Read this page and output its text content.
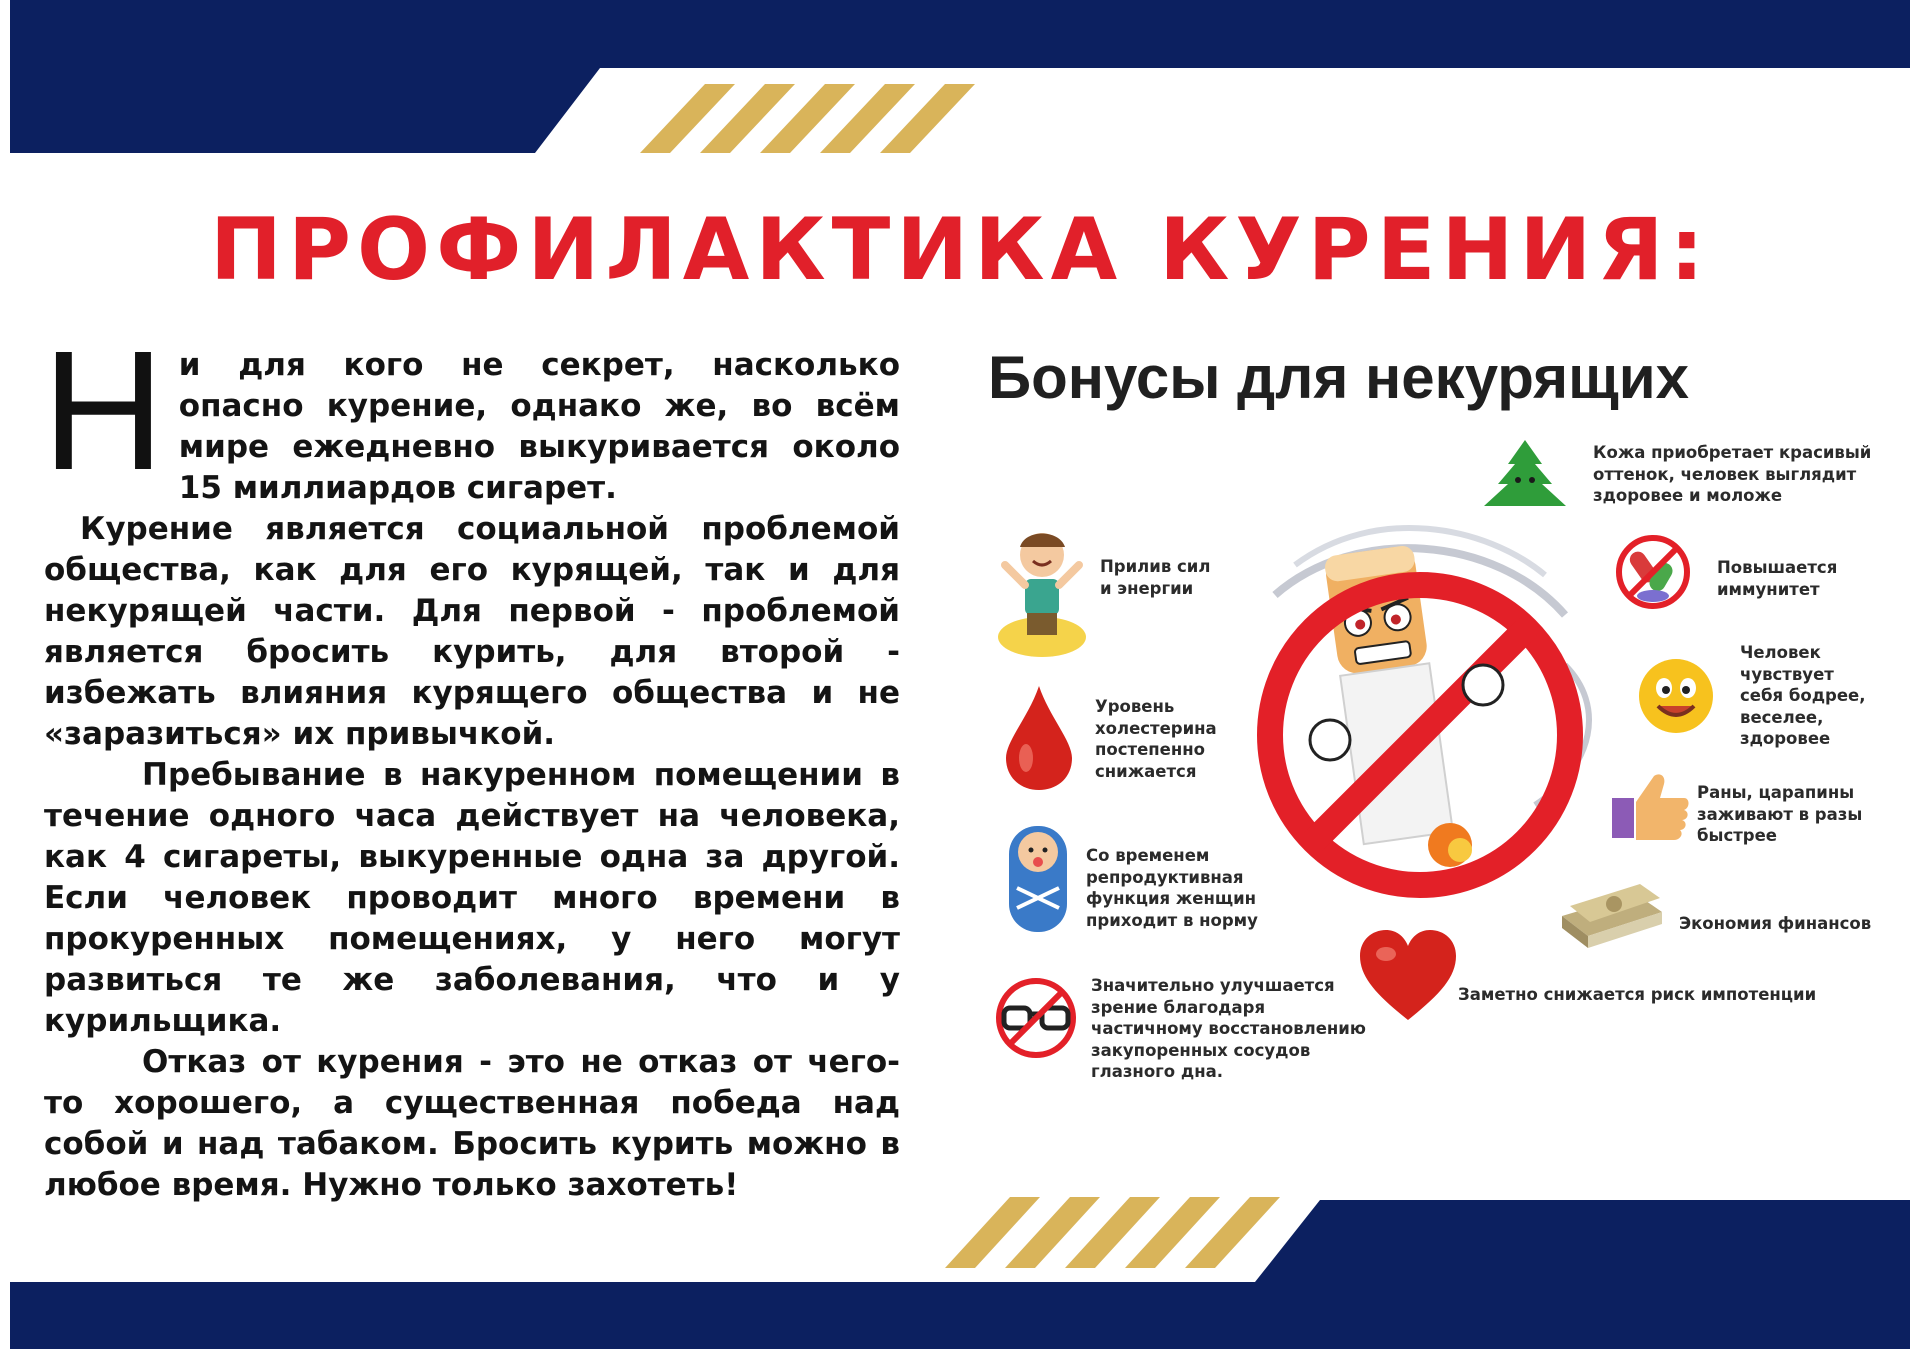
ПРОФИЛАКТИКА КУРЕНИЯ:

Ни для кого не секрет, насколько опасно курение, однако же, во всём мире ежедневно выкуривается около 15 миллиардов сигарет.

Курение является социальной проблемой общества, как для его курящей, так и для некурящей части. Для первой - проблемой является бросить курить, для второй - избежать влияния курящего общества и не «заразиться» их привычкой.

Пребывание в накуренном помещении в течение одного часа действует на человека, как 4 сигареты, выкуренные одна за другой. Если человек проводит много времени в прокуренных помещениях, у него могут развиться те же заболевания, что и у курильщика.

Отказ от курения - это не отказ от чего-то хорошего, а существенная победа над собой и над табаком. Бросить курить можно в любое время. Нужно только захотеть!

Бонусы для некурящих
Кожа приобретает красивый
оттенок, человек выглядит
здоровее и моложе
Прилив сил
и энергии
Повышается
иммунитет
Человек
чувствует
себя бодрее,
веселее,
здоровее
Уровень
холестерина
постепенно
снижается
Раны, царапины
заживают в разы
быстрее
Со временем
репродуктивная
функция женщин
приходит в норму	Экономия финансов
Заметно снижается риск импотенции
Значительно улучшается
зрение благодаря
частичному восстановлению
закупоренных сосудов
глазного дна.
